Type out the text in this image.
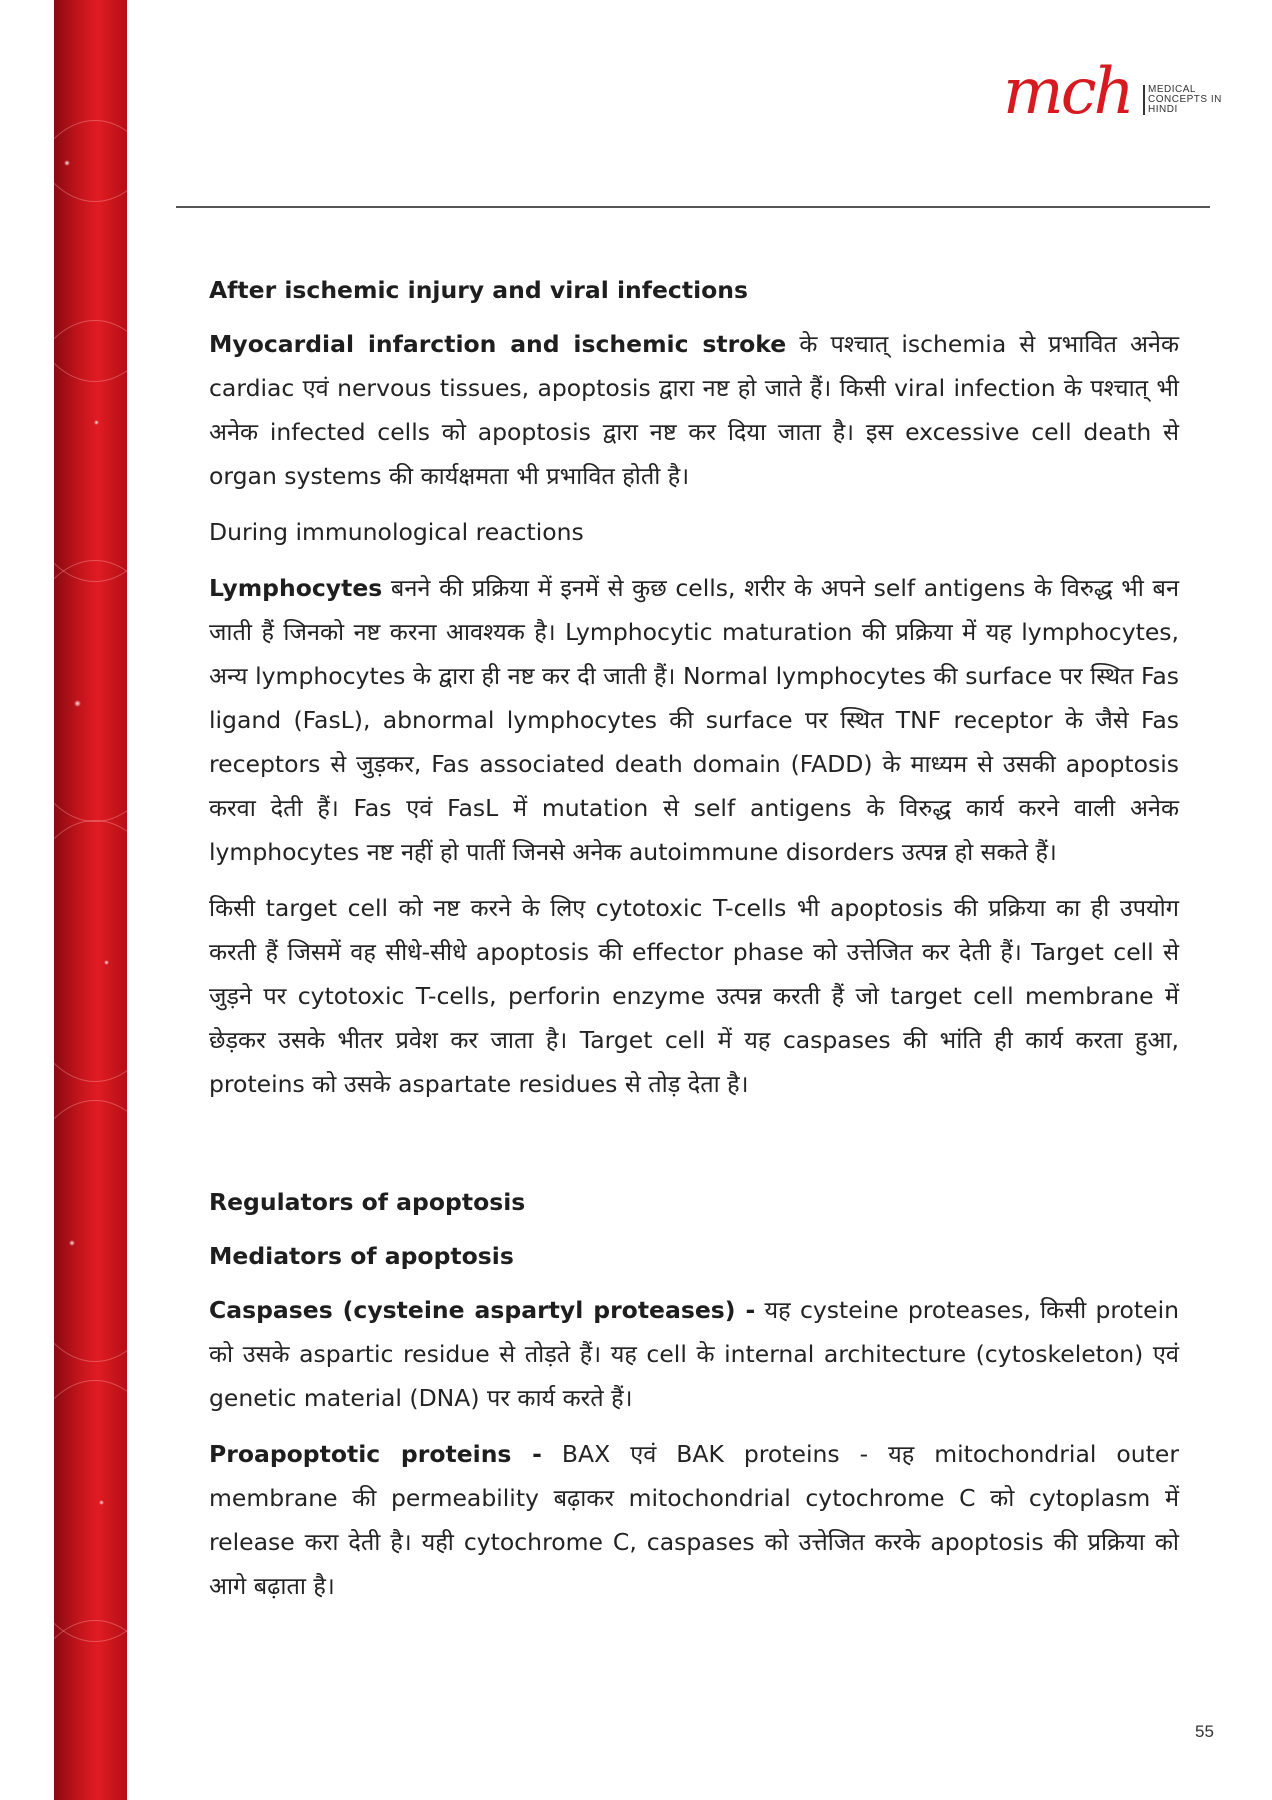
mch MEDICAL
CONCEPTS IN
HINDI

After ischemic injury and viral infections

Myocardial infarction and ischemic stroke के पश्चात् ischemia से प्रभावित अनेक cardiac एवं nervous tissues, apoptosis द्वारा नष्ट हो जाते हैं। किसी viral infection के पश्चात् भी अनेक infected cells को apoptosis द्वारा नष्ट कर दिया जाता है। इस excessive cell death से organ systems की कार्यक्षमता भी प्रभावित होती है।

During immunological reactions

Lymphocytes बनने की प्रक्रिया में इनमें से कुछ cells, शरीर के अपने self antigens के विरुद्ध भी बन जाती हैं जिनको नष्ट करना आवश्यक है। Lymphocytic maturation की प्रक्रिया में यह lymphocytes, अन्य lymphocytes के द्वारा ही नष्ट कर दी जाती हैं। Normal lymphocytes की surface पर स्थित Fas ligand (FasL), abnormal lymphocytes की surface पर स्थित TNF receptor के जैसे Fas receptors से जुड़कर, Fas associated death domain (FADD) के माध्यम से उसकी apoptosis करवा देती हैं। Fas एवं FasL में mutation से self antigens के विरुद्ध कार्य करने वाली अनेक lymphocytes नष्ट नहीं हो पातीं जिनसे अनेक autoimmune disorders उत्पन्न हो सकते हैं।

किसी target cell को नष्ट करने के लिए cytotoxic T-cells भी apoptosis की प्रक्रिया का ही उपयोग करती हैं जिसमें वह सीधे-सीधे apoptosis की effector phase को उत्तेजित कर देती हैं। Target cell से जुड़ने पर cytotoxic T-cells, perforin enzyme उत्पन्न करती हैं जो target cell membrane में छेड़कर उसके भीतर प्रवेश कर जाता है। Target cell में यह caspases की भांति ही कार्य करता हुआ, proteins को उसके aspartate residues से तोड़ देता है।

Regulators of apoptosis

Mediators of apoptosis

Caspases (cysteine aspartyl proteases) - यह cysteine proteases, किसी protein को उसके aspartic residue से तोड़ते हैं। यह cell के internal architecture (cytoskeleton) एवं genetic material (DNA) पर कार्य करते हैं।

Proapoptotic proteins - BAX एवं BAK proteins - यह mitochondrial outer membrane की permeability बढ़ाकर mitochondrial cytochrome C को cytoplasm में release करा देती है। यही cytochrome C, caspases को उत्तेजित करके apoptosis की प्रक्रिया को आगे बढ़ाता है।

55
